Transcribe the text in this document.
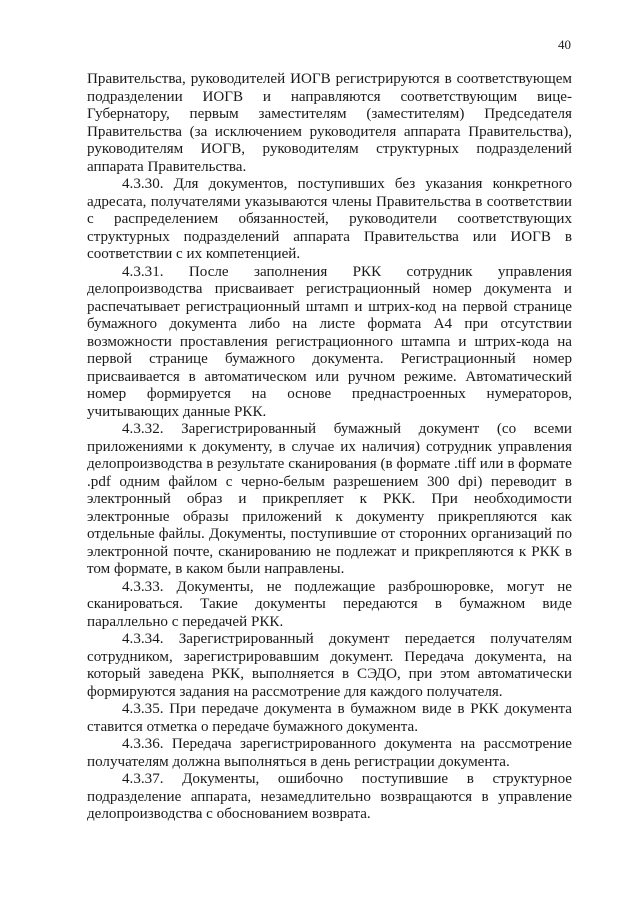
40

Правительства, руководителей ИОГВ регистрируются в соответствующем подразделении ИОГВ и направляются соответствующим вице-Губернатору, первым заместителям (заместителям) Председателя Правительства (за исключением руководителя аппарата Правительства), руководителям ИОГВ, руководителям структурных подразделений аппарата Правительства.

4.3.30. Для документов, поступивших без указания конкретного адресата, получателями указываются члены Правительства в соответствии с распределением обязанностей, руководители соответствующих структурных подразделений аппарата Правительства или ИОГВ в соответствии с их компетенцией.

4.3.31. После заполнения РКК сотрудник управления делопроизводства присваивает регистрационный номер документа и распечатывает регистрационный штамп и штрих-код на первой странице бумажного документа либо на листе формата А4 при отсутствии возможности проставления регистрационного штампа и штрих-кода на первой странице бумажного документа. Регистрационный номер присваивается в автоматическом или ручном режиме. Автоматический номер формируется на основе преднастроенных нумераторов, учитывающих данные РКК.

4.3.32. Зарегистрированный бумажный документ (со всеми приложениями к документу, в случае их наличия) сотрудник управления делопроизводства в результате сканирования (в формате .tiff или в формате .pdf одним файлом с черно-белым разрешением 300 dpi) переводит в электронный образ и прикрепляет к РКК. При необходимости электронные образы приложений к документу прикрепляются как отдельные файлы. Документы, поступившие от сторонних организаций по электронной почте, сканированию не подлежат и прикрепляются к РКК в том формате, в каком были направлены.

4.3.33. Документы, не подлежащие разброшюровке, могут не сканироваться. Такие документы передаются в бумажном виде параллельно с передачей РКК.

4.3.34. Зарегистрированный документ передается получателям сотрудником, зарегистрировавшим документ. Передача документа, на который заведена РКК, выполняется в СЭДО, при этом автоматически формируются задания на рассмотрение для каждого получателя.

4.3.35. При передаче документа в бумажном виде в РКК документа ставится отметка о передаче бумажного документа.

4.3.36. Передача зарегистрированного документа на рассмотрение получателям должна выполняться в день регистрации документа.

4.3.37. Документы, ошибочно поступившие в структурное подразделение аппарата, незамедлительно возвращаются в управление делопроизводства с обоснованием возврата.
